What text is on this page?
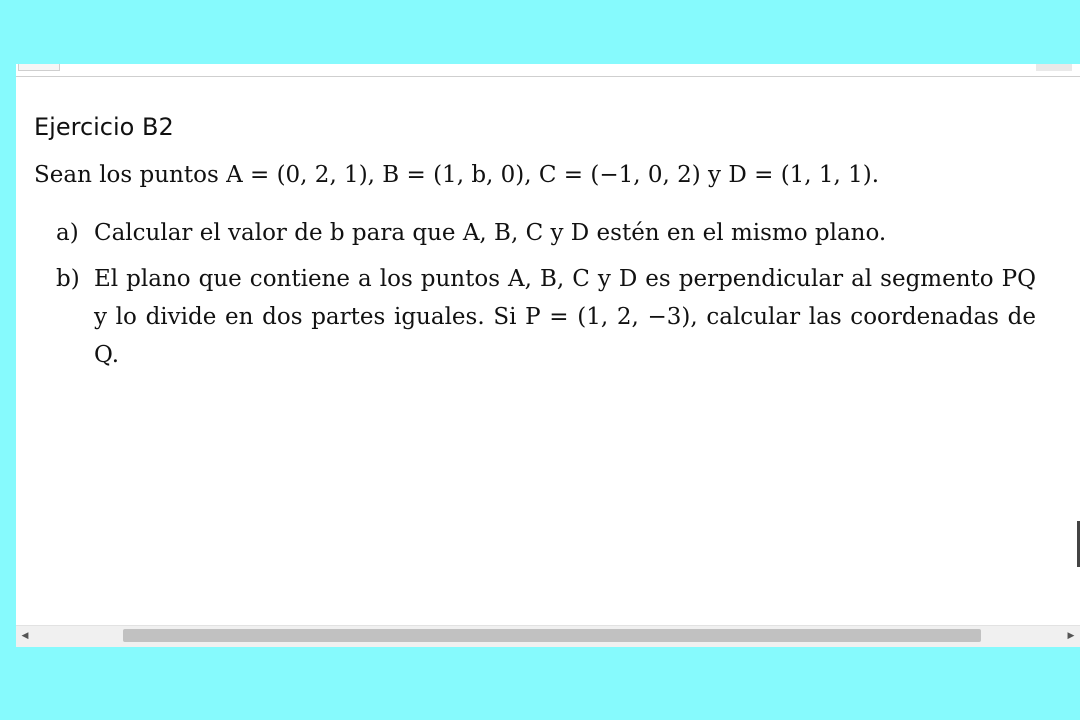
Ejercicio B2

Sean los puntos A = (0, 2, 1), B = (1, b, 0), C = (−1, 0, 2) y D = (1, 1, 1).

a) Calcular el valor de b para que A, B, C y D estén en el mismo plano.
b) El plano que contiene a los puntos A, B, C y D es perpendicular al segmento PQ y lo divide en dos partes iguales. Si P = (1, 2, −3), calcular las coordenadas de Q.
◀	▶
